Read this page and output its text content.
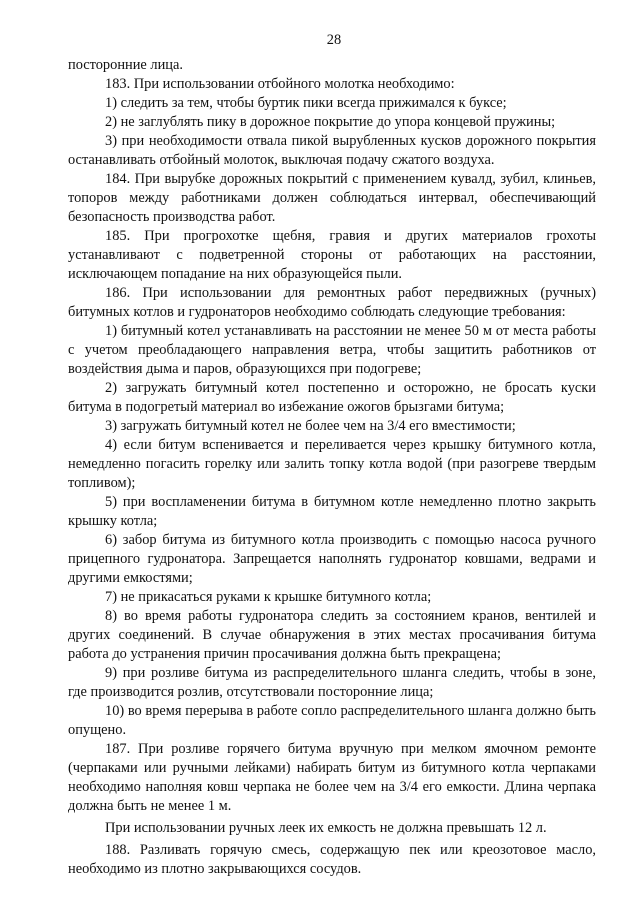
28

посторонние лица.

183. При использовании отбойного молотка необходимо:

1) следить за тем, чтобы буртик пики всегда прижимался к буксе;

2) не заглублять пику в дорожное покрытие до упора концевой пружины;

3) при необходимости отвала пикой вырубленных кусков дорожного покрытия останавливать отбойный молоток, выключая подачу сжатого воздуха.

184. При вырубке дорожных покрытий с применением кувалд, зубил, клиньев, топоров между работниками должен соблюдаться интервал, обеспечивающий безопасность производства работ.

185. При прогрохотке щебня, гравия и других материалов грохоты устанавливают с подветренной стороны от работающих на расстоянии, исключающем попадание на них образующейся пыли.

186. При использовании для ремонтных работ передвижных (ручных) битумных котлов и гудронаторов необходимо соблюдать следующие требования:

1) битумный котел устанавливать на расстоянии не менее 50 м от места работы с учетом преобладающего направления ветра, чтобы защитить работников от воздействия дыма и паров, образующихся при подогреве;

2) загружать битумный котел постепенно и осторожно, не бросать куски битума в подогретый материал во избежание ожогов брызгами битума;

3) загружать битумный котел не более чем на 3/4 его вместимости;

4) если битум вспенивается и переливается через крышку битумного котла, немедленно погасить горелку или залить топку котла водой (при разогреве твердым топливом);

5) при воспламенении битума в битумном котле немедленно плотно закрыть крышку котла;

6) забор битума из битумного котла производить с помощью насоса ручного прицепного гудронатора. Запрещается наполнять гудронатор ковшами, ведрами и другими емкостями;

7) не прикасаться руками к крышке битумного котла;

8) во время работы гудронатора следить за состоянием кранов, вентилей и других соединений. В случае обнаружения в этих местах просачивания битума работа до устранения причин просачивания должна быть прекращена;

9) при розливе битума из распределительного шланга следить, чтобы в зоне, где производится розлив, отсутствовали посторонние лица;

10) во время перерыва в работе сопло распределительного шланга должно быть опущено.

187. При розливе горячего битума вручную при мелком ямочном ремонте (черпаками или ручными лейками) набирать битум из битумного котла черпаками необходимо наполняя ковш черпака не более чем на 3/4 его емкости. Длина черпака должна быть не менее 1 м.

При использовании ручных леек их емкость не должна превышать 12 л.

188. Разливать горячую смесь, содержащую пек или креозотовое масло, необходимо из плотно закрывающихся сосудов.
